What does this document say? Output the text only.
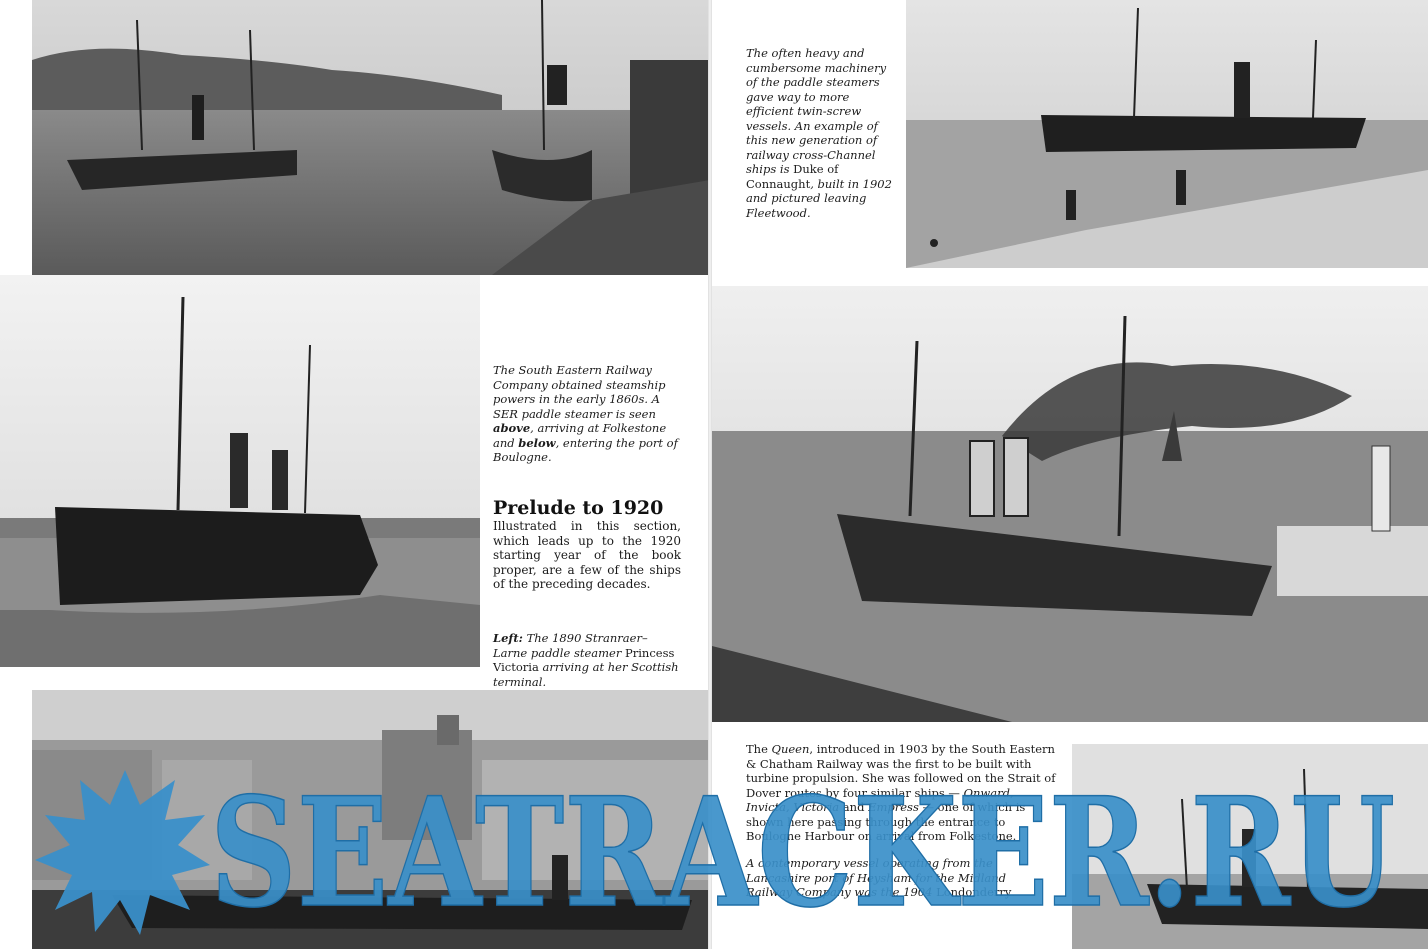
The South Eastern Railway Company obtained steamship powers in the early 1860s. A SER paddle steamer is seen above, arriving at Folkestone and below, entering the port of Boulogne.

Prelude to 1920

Illustrated in this section, which leads up to the 1920 starting year of the book proper, are a few of the ships of the preceding decades.

Left: The 1890 Stranraer–Larne paddle steamer Princess Victoria arriving at her Scottish terminal.

The often heavy and cumbersome machinery of the paddle steamers gave way to more efficient twin-screw vessels. An example of this new generation of railway cross-Channel ships is Duke of Connaught, built in 1902 and pictured leaving Fleetwood.

The Queen, introduced in 1903 by the South Eastern & Chatham Railway was the first to be built with turbine propulsion. She was followed on the Strait of Dover routes by four similar ships — Onward, Invicta, Victoria and Empress — one of which is shown here passing through the entrance to Boulogne Harbour on arrival from Folkestone.

A contemporary vessel operating from the Lancashire port of Heysham for the Midland Railway Company was the 1904 Londonderry.

SEATRACKER.RU
